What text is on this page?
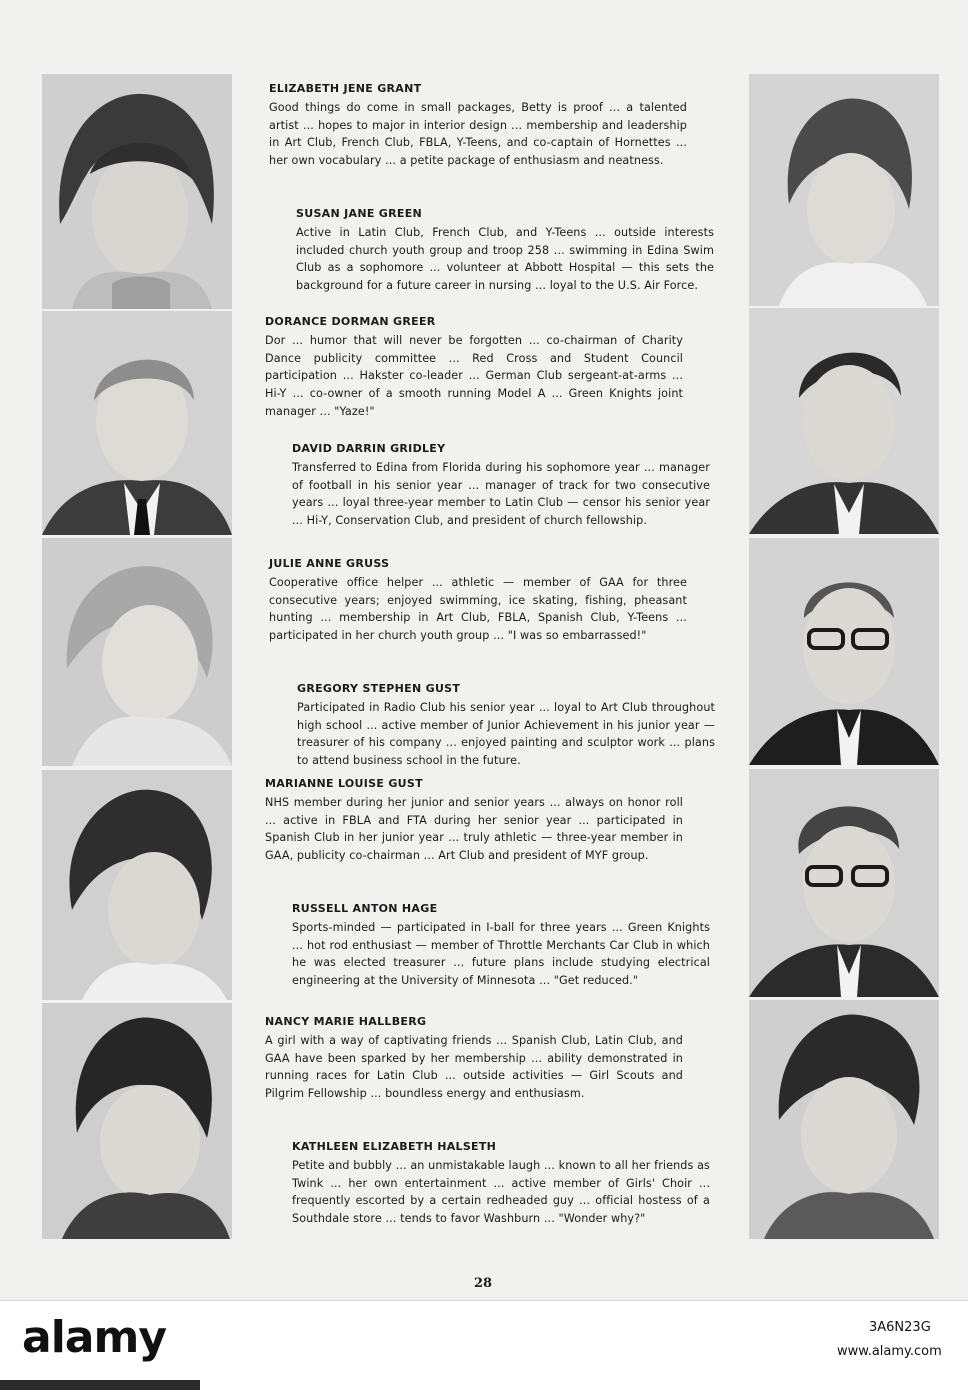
ELIZABETH JENE GRANT
Good things do come in small packages, Betty is proof ... a talented artist ... hopes to major in interior design ... membership and leadership in Art Club, French Club, FBLA, Y-Teens, and co-captain of Hornettes ... her own vocabulary ... a petite package of enthusiasm and neatness.
SUSAN JANE GREEN
Active in Latin Club, French Club, and Y-Teens ... outside interests included church youth group and troop 258 ... swimming in Edina Swim Club as a sophomore ... volunteer at Abbott Hospital — this sets the background for a future career in nursing ... loyal to the U.S. Air Force.
DORANCE DORMAN GREER
Dor ... humor that will never be forgotten ... co-chairman of Charity Dance publicity committee ... Red Cross and Student Council participation ... Hakster co-leader ... German Club sergeant-at-arms ... Hi-Y ... co-owner of a smooth running Model A ... Green Knights joint manager ... "Yaze!"
DAVID DARRIN GRIDLEY
Transferred to Edina from Florida during his sophomore year ... manager of football in his senior year ... manager of track for two consecutive years ... loyal three-year member to Latin Club — censor his senior year ... Hi-Y, Conservation Club, and president of church fellowship.
JULIE ANNE GRUSS
Cooperative office helper ... athletic — member of GAA for three consecutive years; enjoyed swimming, ice skating, fishing, pheasant hunting ... membership in Art Club, FBLA, Spanish Club, Y-Teens ... participated in her church youth group ... "I was so embarrassed!"
GREGORY STEPHEN GUST
Participated in Radio Club his senior year ... loyal to Art Club throughout high school ... active member of Junior Achievement in his junior year — treasurer of his company ... enjoyed painting and sculptor work ... plans to attend business school in the future.
MARIANNE LOUISE GUST
NHS member during her junior and senior years ... always on honor roll ... active in FBLA and FTA during her senior year ... participated in Spanish Club in her junior year ... truly athletic — three-year member in GAA, publicity co-chairman ... Art Club and president of MYF group.
RUSSELL ANTON HAGE
Sports-minded — participated in I-ball for three years ... Green Knights ... hot rod enthusiast — member of Throttle Merchants Car Club in which he was elected treasurer ... future plans include studying electrical engineering at the University of Minnesota ... "Get reduced."
NANCY MARIE HALLBERG
A girl with a way of captivating friends ... Spanish Club, Latin Club, and GAA have been sparked by her membership ... ability demonstrated in running races for Latin Club ... outside activities — Girl Scouts and Pilgrim Fellowship ... boundless energy and enthusiasm.
KATHLEEN ELIZABETH HALSETH
Petite and bubbly ... an unmistakable laugh ... known to all her friends as Twink ... her own entertainment ... active member of Girls' Choir ... frequently escorted by a certain redheaded guy ... official hostess of a Southdale store ... tends to favor Washburn ... "Wonder why?"
28
alamy	3A6N23G
www.alamy.com
